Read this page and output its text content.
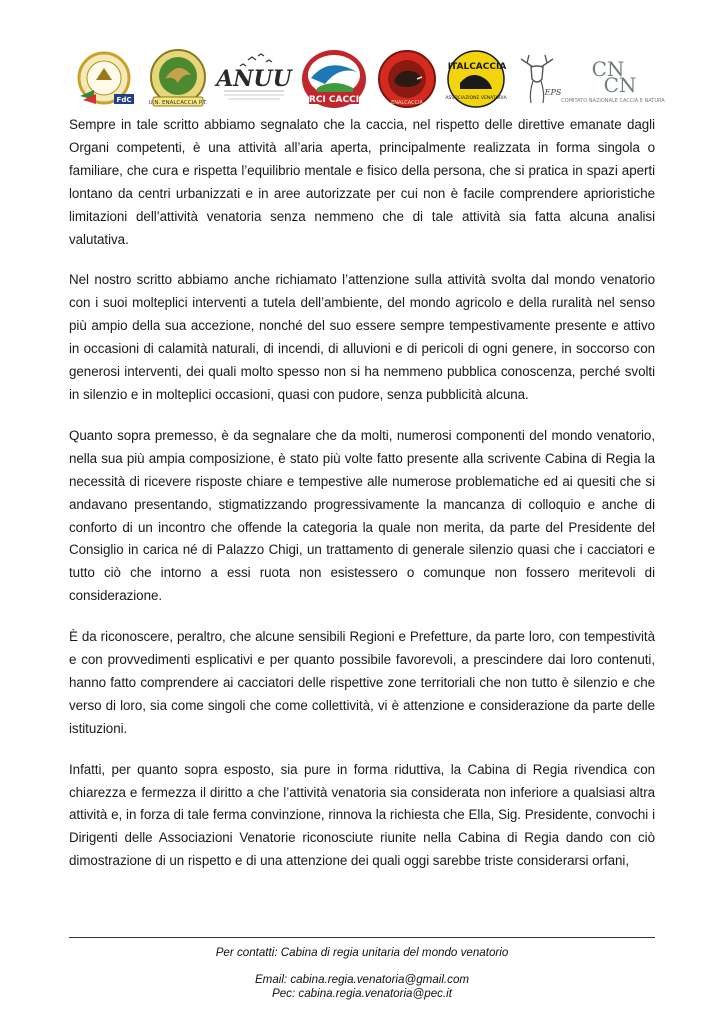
FdC	U.N. ENALCACCIA P.T.
ANUU
ARCI CACCIA	ENALCACCIA
ITALCACCIA
ASSOCIAZIONE VENATORIA
EPS
CN
CN
COMITATO NAZIONALE CACCIA E NATURA

Sempre in tale scritto abbiamo segnalato che la caccia, nel rispetto delle direttive emanate dagli Organi competenti, è una attività all’aria aperta, principalmente realizzata in forma singola o familiare, che cura e rispetta l’equilibrio mentale e fisico della persona, che si pratica in spazi aperti lontano da centri urbanizzati e in aree autorizzate per cui non è facile comprendere aprioristiche limitazioni dell’attività venatoria senza nemmeno che di tale attività sia fatta alcuna analisi valutativa.

Nel nostro scritto abbiamo anche richiamato l’attenzione sulla attività svolta dal mondo venatorio con i suoi molteplici interventi a tutela dell’ambiente, del mondo agricolo e della ruralità nel senso più ampio della sua accezione, nonché del suo essere sempre tempestivamente presente e attivo in occasioni di calamità naturali, di incendi, di alluvioni e di pericoli di ogni genere, in soccorso con generosi interventi, dei quali molto spesso non si ha nemmeno pubblica conoscenza, perché svolti in silenzio e in molteplici occasioni, quasi con pudore, senza pubblicità alcuna.

Quanto sopra premesso, è da segnalare che da molti, numerosi componenti del mondo venatorio, nella sua più ampia composizione, è stato più volte fatto presente alla scrivente Cabina di Regia la necessità di ricevere risposte chiare e tempestive alle numerose problematiche ed ai quesiti che si andavano presentando, stigmatizzando progressivamente la mancanza di colloquio e anche di conforto di un incontro che offende la categoria la quale non merita, da parte del Presidente del Consiglio in carica né di Palazzo Chigi, un trattamento di generale silenzio quasi che i cacciatori e tutto ciò che intorno a essi ruota non esistessero o comunque non fossero meritevoli di considerazione.

È da riconoscere, peraltro, che alcune sensibili Regioni e Prefetture, da parte loro, con tempestività e con provvedimenti esplicativi e per quanto possibile favorevoli, a prescindere dai loro contenuti, hanno fatto comprendere ai cacciatori delle rispettive zone territoriali che non tutto è silenzio e che verso di loro, sia come singoli che come collettività, vi è attenzione e considerazione da parte delle istituzioni.

Infatti, per quanto sopra esposto, sia pure in forma riduttiva, la Cabina di Regia rivendica con chiarezza e fermezza il diritto a che l’attività venatoria sia considerata non inferiore a qualsiasi altra attività e, in forza di tale ferma convinzione, rinnova la richiesta che Ella, Sig. Presidente, convochi i Dirigenti delle Associazioni Venatorie riconosciute riunite nella Cabina di Regia dando con ciò dimostrazione di un rispetto e di una attenzione dei quali oggi sarebbe triste considerarsi orfani,

Per contatti: Cabina di regia unitaria del mondo venatorio

Email: cabina.regia.venatoria@gmail.com

Pec: cabina.regia.venatoria@pec.it
